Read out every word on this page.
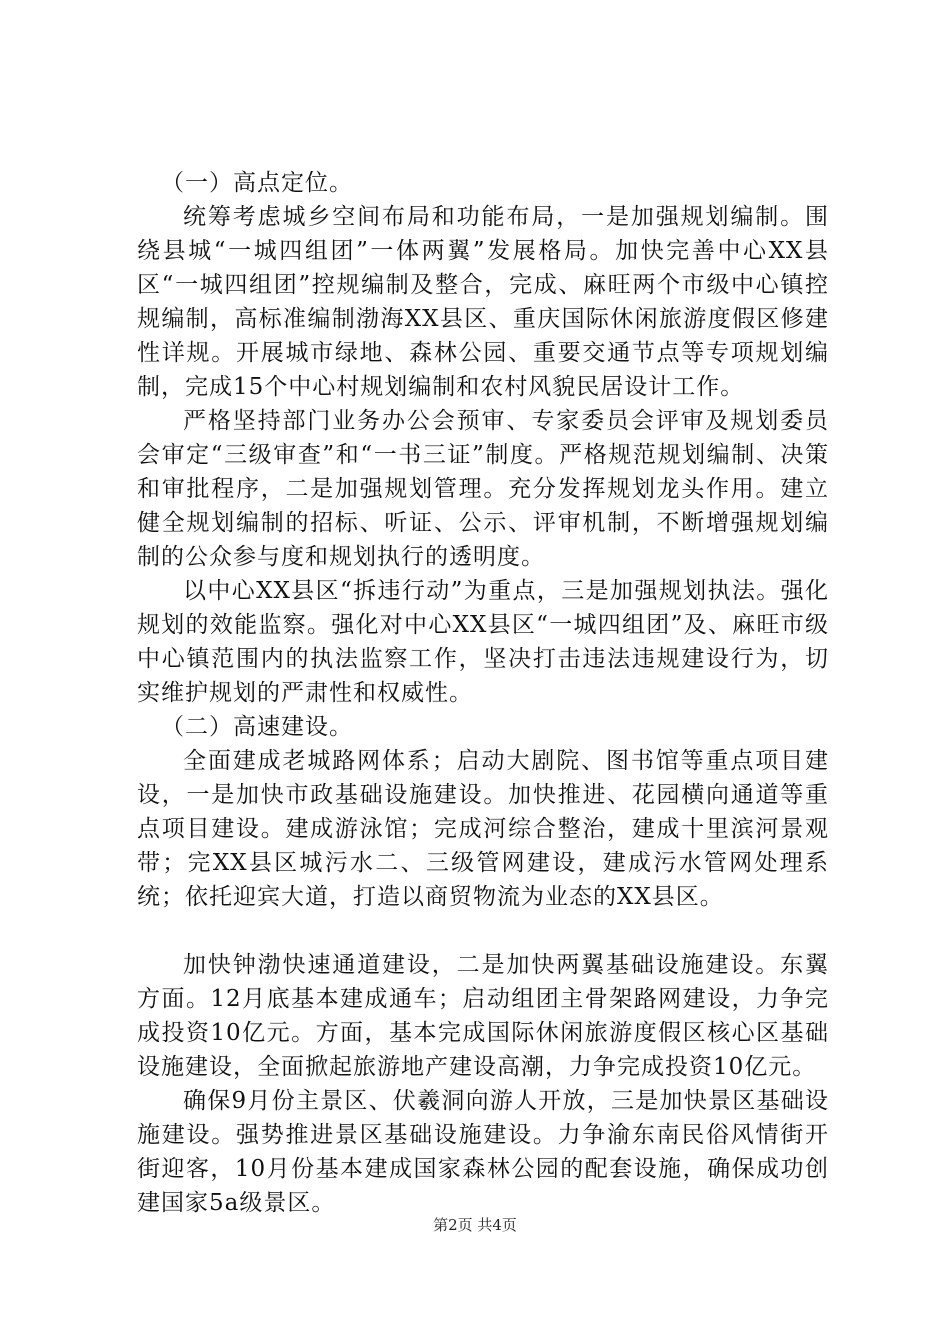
（一）高点定位。

统筹考虑城乡空间布局和功能布局，一是加强规划编制。围绕县城“一城四组团”一体两翼”发展格局。加快完善中心XX县区“一城四组团”控规编制及整合，完成、麻旺两个市级中心镇控规编制，高标准编制渤海XX县区、重庆国际休闲旅游度假区修建性详规。开展城市绿地、森林公园、重要交通节点等专项规划编制，完成15个中心村规划编制和农村风貌民居设计工作。

严格坚持部门业务办公会预审、专家委员会评审及规划委员会审定“三级审查”和“一书三证”制度。严格规范规划编制、决策和审批程序，二是加强规划管理。充分发挥规划龙头作用。建立健全规划编制的招标、听证、公示、评审机制，不断增强规划编制的公众参与度和规划执行的透明度。

以中心XX县区“拆违行动”为重点，三是加强规划执法。强化规划的效能监察。强化对中心XX县区“一城四组团”及、麻旺市级中心镇范围内的执法监察工作，坚决打击违法违规建设行为，切实维护规划的严肃性和权威性。

（二）高速建设。

全面建成老城路网体系；启动大剧院、图书馆等重点项目建设，一是加快市政基础设施建设。加快推进、花园横向通道等重点项目建设。建成游泳馆；完成河综合整治，建成十里滨河景观带；完XX县区城污水二、三级管网建设，建成污水管网处理系统；依托迎宾大道，打造以商贸物流为业态的XX县区。

加快钟渤快速通道建设，二是加快两翼基础设施建设。东翼方面。12月底基本建成通车；启动组团主骨架路网建设，力争完成投资10亿元。方面，基本完成国际休闲旅游度假区核心区基础设施建设，全面掀起旅游地产建设高潮，力争完成投资10亿元。

确保9月份主景区、伏羲洞向游人开放，三是加快景区基础设施建设。强势推进景区基础设施建设。力争渝东南民俗风情街开街迎客，10月份基本建成国家森林公园的配套设施，确保成功创建国家5a级景区。

第2页 共4页
